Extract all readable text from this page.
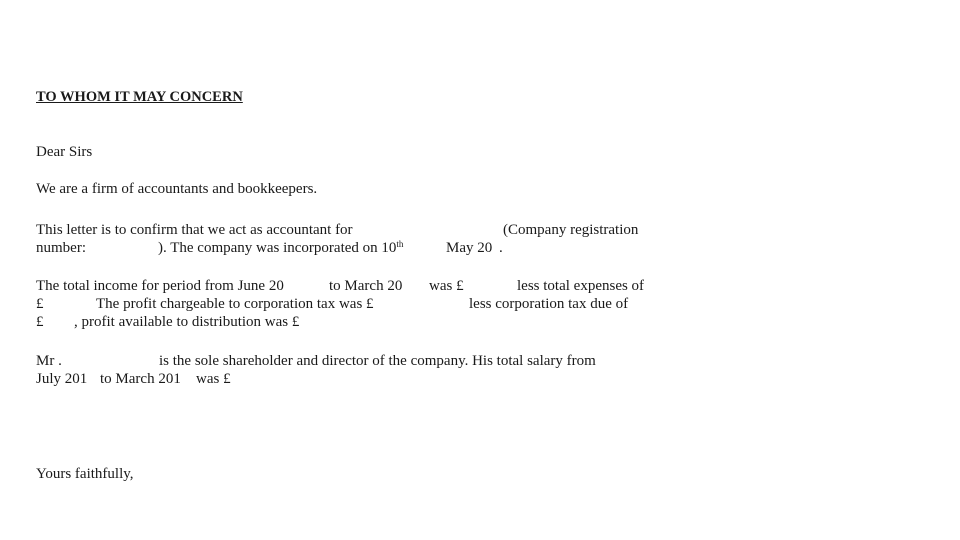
TO WHOM IT MAY CONCERN
Dear Sirs
We are a firm of accountants and bookkeepers.
This letter is to confirm that we act as accountant for	(Company registration
number:	). The company was incorporated on 10th	May 20 .
The total income for period from June 20	to March 20 was £	less total expenses of
£	The profit chargeable to corporation tax was £	less corporation tax due of
£ , profit available to distribution was £
Mr .	is the sole shareholder and director of the company. His total salary from
July 201 to March 201 was £
Yours faithfully,
